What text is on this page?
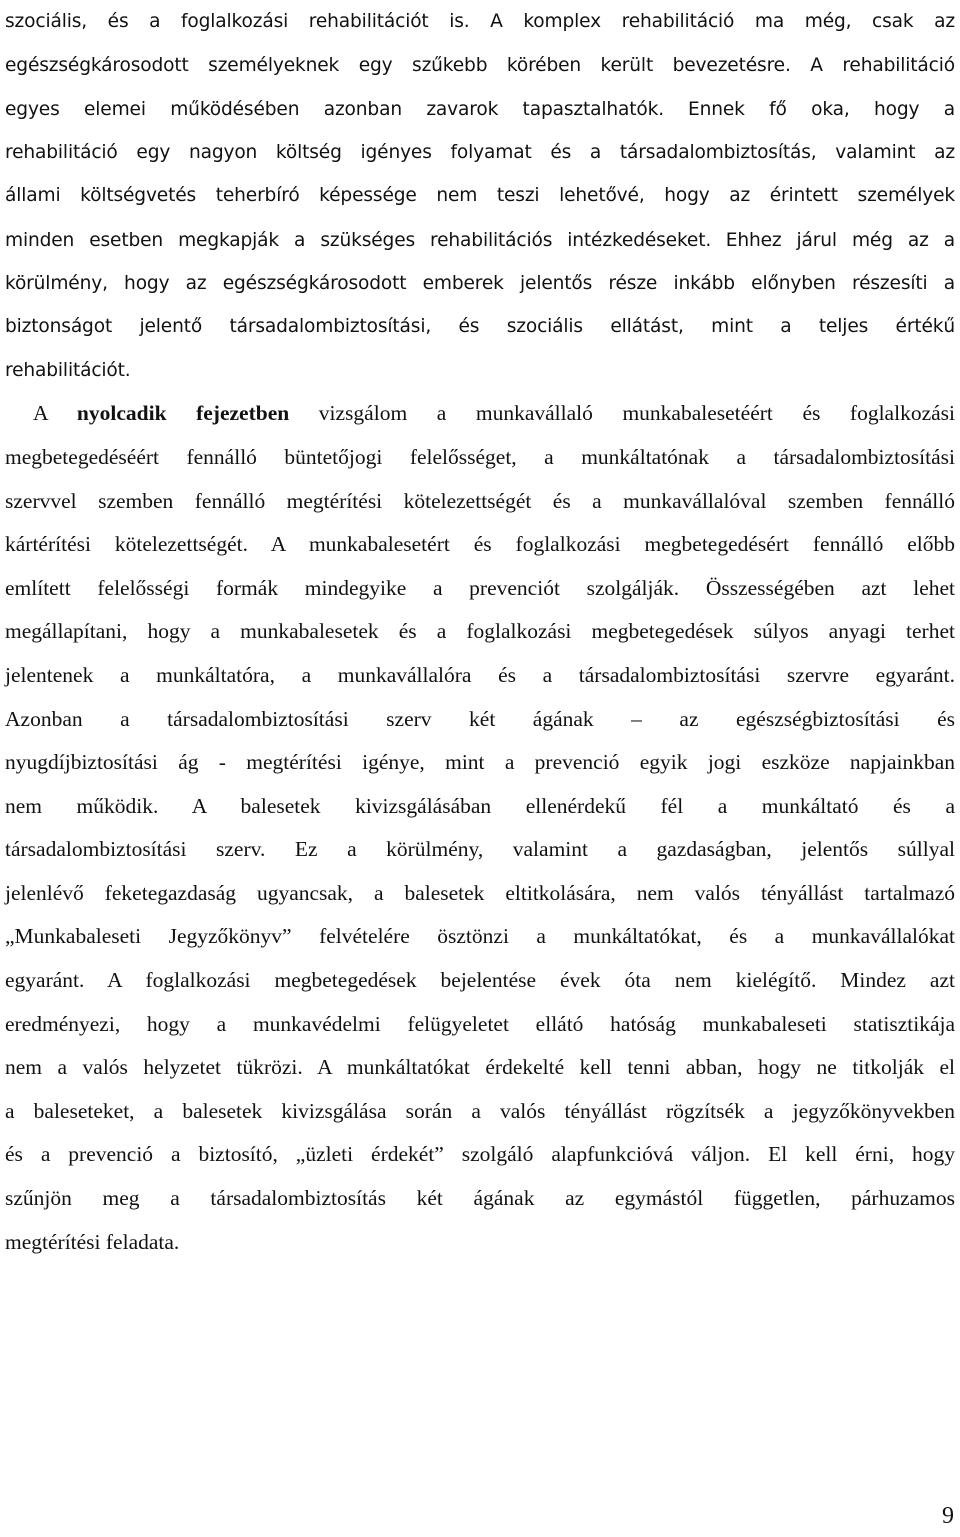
szociális, és a foglalkozási rehabilitációt is. A komplex rehabilitáció ma még, csak az
egészségkárosodott személyeknek egy szűkebb körében került bevezetésre. A rehabilitáció
egyes elemei működésében azonban zavarok tapasztalhatók. Ennek fő oka, hogy a
rehabilitáció egy nagyon költség igényes folyamat és a társadalombiztosítás, valamint az
állami költségvetés teherbíró képessége nem teszi lehetővé, hogy az érintett személyek
minden esetben megkapják a szükséges rehabilitációs intézkedéseket. Ehhez járul még az a
körülmény, hogy az egészségkárosodott emberek jelentős része inkább előnyben részesíti a
biztonságot jelentő társadalombiztosítási, és szociális ellátást, mint a teljes értékű
rehabilitációt.
A nyolcadik fejezetben vizsgálom a munkavállaló munkabalesetéért és foglalkozási
megbetegedéséért fennálló büntetőjogi felelősséget, a munkáltatónak a társadalombiztosítási
szervvel szemben fennálló megtérítési kötelezettségét és a munkavállalóval szemben fennálló
kártérítési kötelezettségét. A munkabalesetért és foglalkozási megbetegedésért fennálló előbb
említett felelősségi formák mindegyike a prevenciót szolgálják. Összességében azt lehet
megállapítani, hogy a munkabalesetek és a foglalkozási megbetegedések súlyos anyagi terhet
jelentenek a munkáltatóra, a munkavállalóra és a társadalombiztosítási szervre egyaránt.
Azonban a társadalombiztosítási szerv két ágának – az egészségbiztosítási és
nyugdíjbiztosítási ág - megtérítési igénye, mint a prevenció egyik jogi eszköze napjainkban
nem működik. A balesetek kivizsgálásában ellenérdekű fél a munkáltató és a
társadalombiztosítási szerv. Ez a körülmény, valamint a gazdaságban, jelentős súllyal
jelenlévő feketegazdaság ugyancsak, a balesetek eltitkolására, nem valós tényállást tartalmazó
„Munkabaleseti Jegyzőkönyv” felvételére ösztönzi a munkáltatókat, és a munkavállalókat
egyaránt. A foglalkozási megbetegedések bejelentése évek óta nem kielégítő. Mindez azt
eredményezi, hogy a munkavédelmi felügyeletet ellátó hatóság munkabaleseti statisztikája
nem a valós helyzetet tükrözi. A munkáltatókat érdekelté kell tenni abban, hogy ne titkolják el
a baleseteket, a balesetek kivizsgálása során a valós tényállást rögzítsék a jegyzőkönyvekben
és a prevenció a biztosító, „üzleti érdekét” szolgáló alapfunkcióvá váljon. El kell érni, hogy
szűnjön meg a társadalombiztosítás két ágának az egymástól független, párhuzamos
megtérítési feladata.
9
